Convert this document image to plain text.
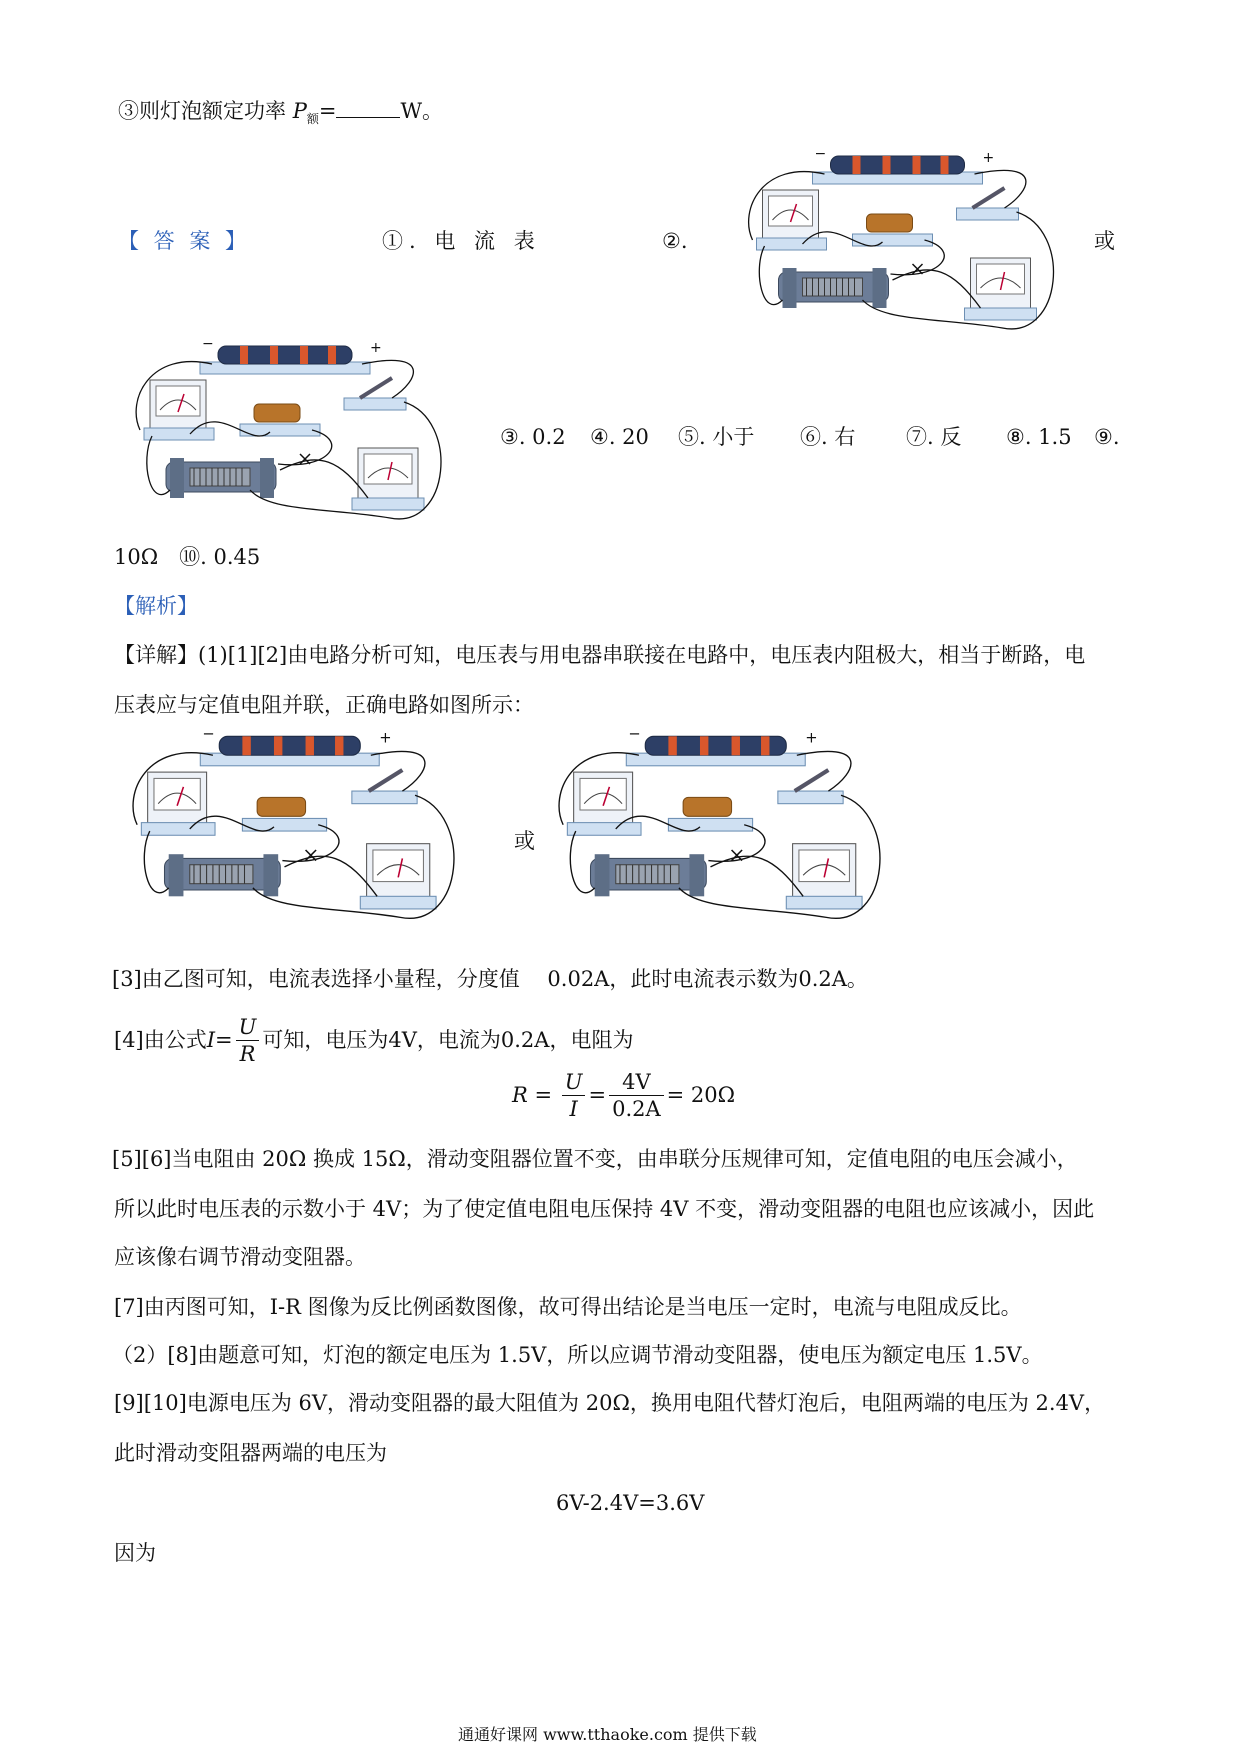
③则灯泡额定功率 $P_额=$	W。
【 答 案 】	①. 电 流 表	②.	或
③. 0.2 ④. 20 ⑤. 小于 ⑥. 右 ⑦. 反 ⑧. 1.5 ⑨.
10Ω　⑩. 0.45
【解析】
【详解】(1)[1][2]由电路分析可知，电压表与用电器串联接在电路中，电压表内阻极大，相当于断路，电
压表应与定值电阻并联，正确电路如图所示：
或
[3]由乙图可知，电流表选择小量程，分度值 　0.02A，此时电流表示数为0.2A。
[4]由公式 $I = \frac{U}{R}$ 可知，电压为4V，电流为0.2A，电阻为
$R = \frac{U}{I} = \frac{4V}{0.2A} = 20\Omega$
[5][6]当电阻由 20Ω 换成 15Ω，滑动变阻器位置不变，由串联分压规律可知，定值电阻的电压会减小，
所以此时电压表的示数小于 4V；为了使定值电阻电压保持 4V 不变，滑动变阻器的电阻也应该减小，因此
应该像右调节滑动变阻器。
[7]由丙图可知，I-R 图像为反比例函数图像，故可得出结论是当电压一定时，电流与电阻成反比。
（2）[8]由题意可知，灯泡的额定电压为 1.5V，所以应调节滑动变阻器，使电压为额定电压 1.5V。
[9][10]电源电压为 6V，滑动变阻器的最大阻值为 20Ω，换用电阻代替灯泡后，电阻两端的电压为 2.4V，
此时滑动变阻器两端的电压为
6V-2.4V=3.6V
因为
通通好课网 www.tthaoke.com 提供下载
